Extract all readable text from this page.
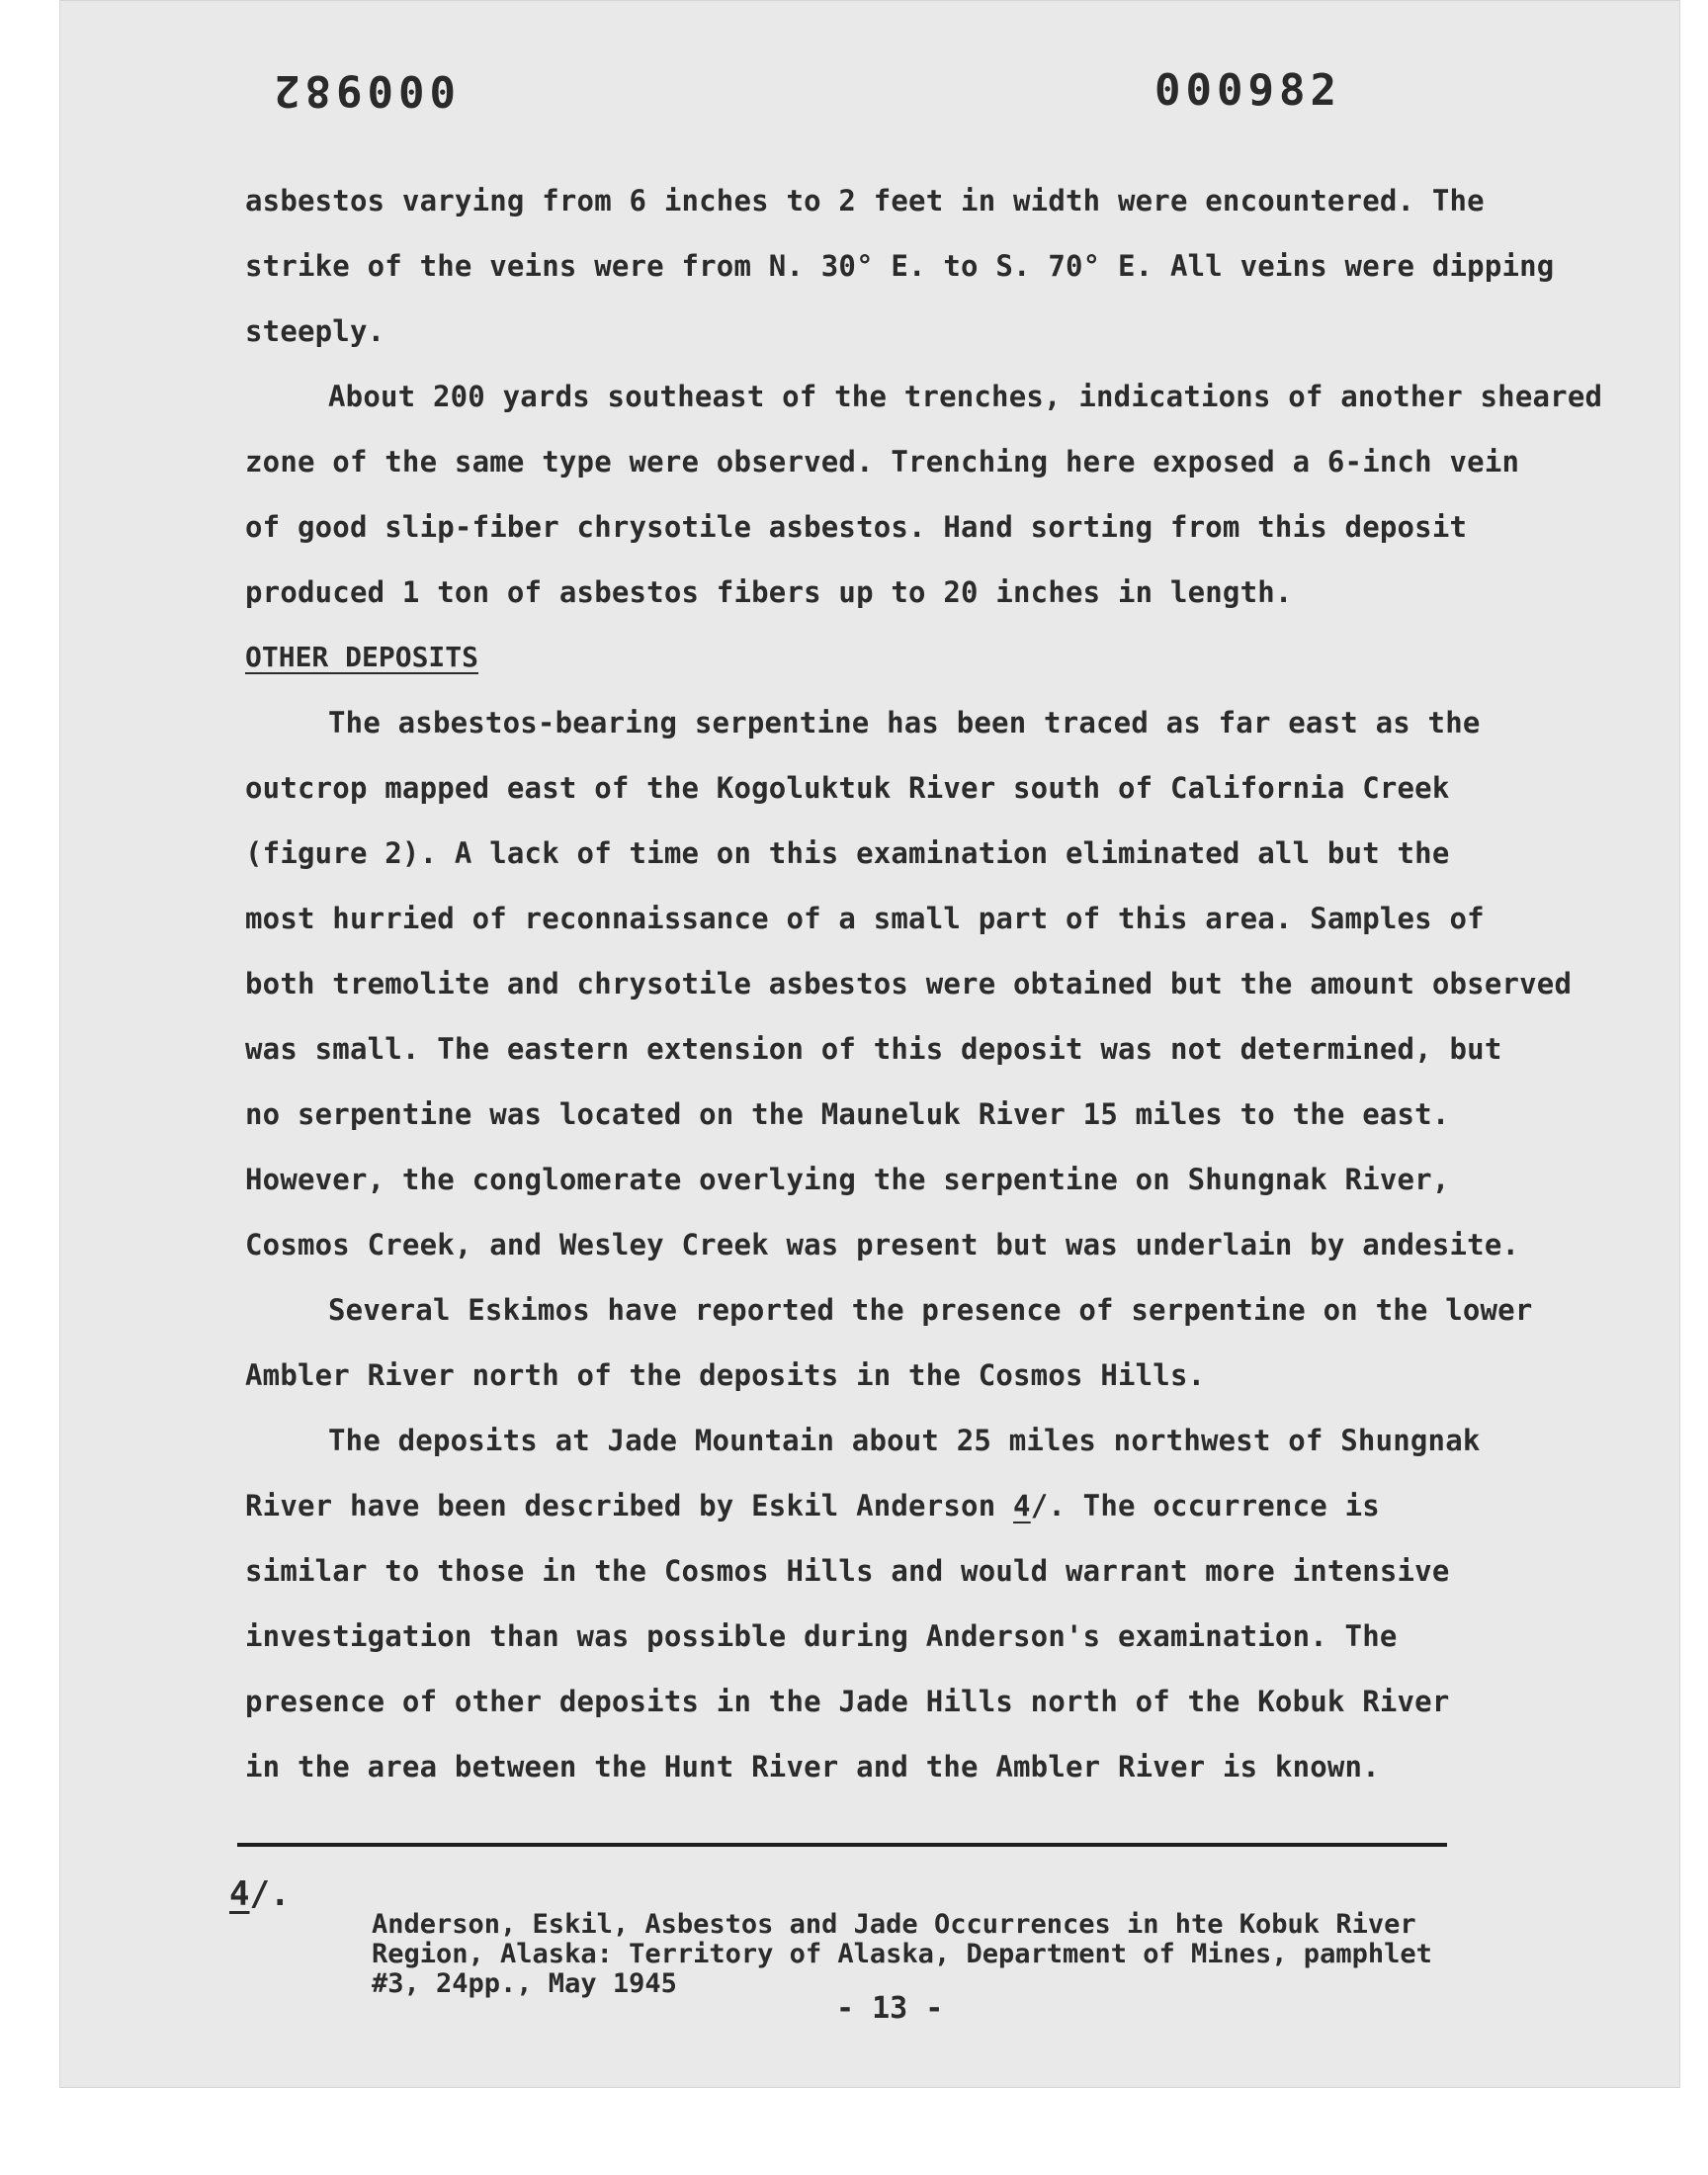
000982	000982
asbestos varying from 6 inches to 2 feet in width were encountered. The
strike of the veins were from N. 30° E. to S. 70° E. All veins were dipping
steeply.
About 200 yards southeast of the trenches, indications of another sheared
zone of the same type were observed. Trenching here exposed a 6-inch vein
of good slip-fiber chrysotile asbestos. Hand sorting from this deposit
produced 1 ton of asbestos fibers up to 20 inches in length.
OTHER DEPOSITS
The asbestos-bearing serpentine has been traced as far east as the
outcrop mapped east of the Kogoluktuk River south of California Creek
(figure 2). A lack of time on this examination eliminated all but the
most hurried of reconnaissance of a small part of this area. Samples of
both tremolite and chrysotile asbestos were obtained but the amount observed
was small. The eastern extension of this deposit was not determined, but
no serpentine was located on the Mauneluk River 15 miles to the east.
However, the conglomerate overlying the serpentine on Shungnak River,
Cosmos Creek, and Wesley Creek was present but was underlain by andesite.
Several Eskimos have reported the presence of serpentine on the lower
Ambler River north of the deposits in the Cosmos Hills.
The deposits at Jade Mountain about 25 miles northwest of Shungnak
River have been described by Eskil Anderson 4/. The occurrence is
similar to those in the Cosmos Hills and would warrant more intensive
investigation than was possible during Anderson's examination. The
presence of other deposits in the Jade Hills north of the Kobuk River
in the area between the Hunt River and the Ambler River is known.
4/.
Anderson, Eskil, Asbestos and Jade Occurrences in hte Kobuk River
Region, Alaska: Territory of Alaska, Department of Mines, pamphlet
#3, 24pp., May 1945
- 13 -
